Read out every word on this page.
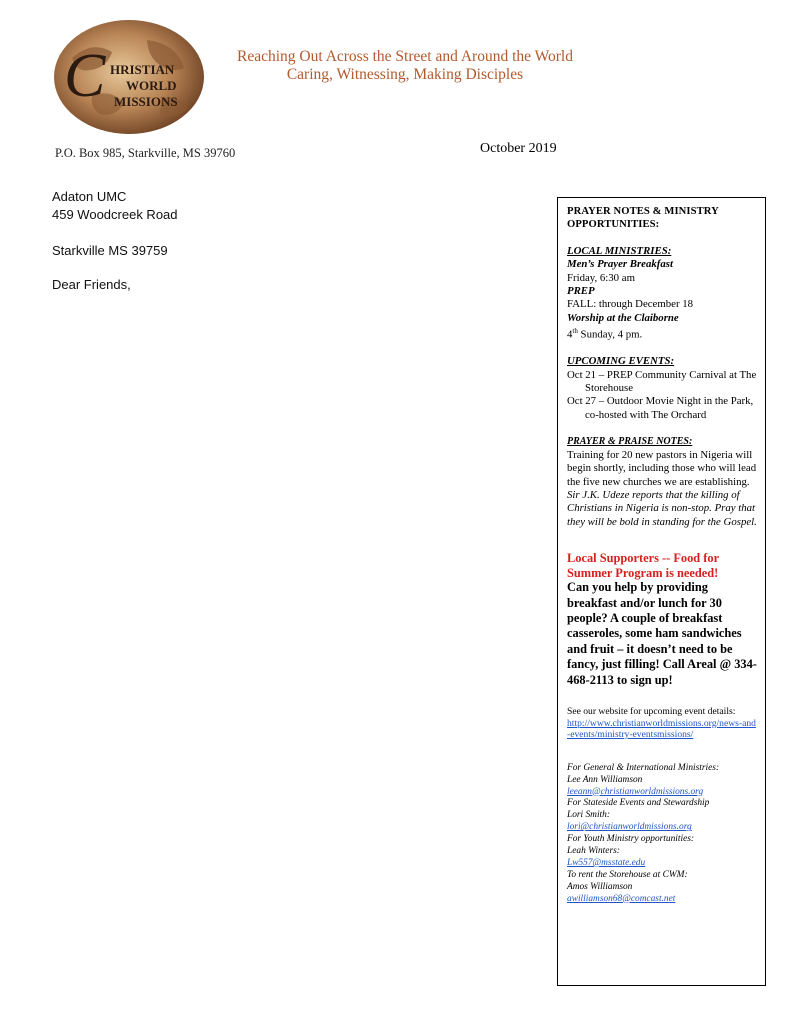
C HRISTIAN
WORLD
MISSIONS
Reaching Out Across the Street and Around the World
Caring, Witnessing, Making Disciples
P.O. Box 985, Starkville, MS 39760	October 2019
Adaton UMC
459 Woodcreek Road
Starkville MS 39759
Dear Friends,

PRAYER NOTES & MINISTRY OPPORTUNITIES:

LOCAL MINISTRIES:

Men’s Prayer Breakfast

Friday, 6:30 am

PREP

FALL: through December 18

Worship at the Claiborne

4th Sunday, 4 pm.

UPCOMING EVENTS:

Oct 21 – PREP Community Carnival at The Storehouse

Oct 27 – Outdoor Movie Night in the Park, co-hosted with The Orchard

PRAYER & PRAISE NOTES:

Training for 20 new pastors in Nigeria will begin shortly, including those who will lead the five new churches we are establishing.

Sir J.K. Udeze reports that the killing of Christians in Nigeria is non-stop. Pray that they will be bold in standing for the Gospel.

Local Supporters -- Food for Summer Program is needed!

Can you help by providing breakfast and/or lunch for 30 people? A couple of breakfast casseroles, some ham sandwiches and fruit – it doesn’t need to be fancy, just filling! Call Areal @ 334-468-2113 to sign up!

See our website for upcoming event details:

http://www.christianworldmissions.org/news-and-events/ministry-eventsmissions/

For General & International Ministries:

Lee Ann Williamson

leeann@christianworldmissions.org

For Stateside Events and Stewardship

Lori Smith:

lori@christianworldmissions.org

For Youth Ministry opportunities:

Leah Winters:

Lw557@msstate.edu

To rent the Storehouse at CWM:

Amos Williamson

awilliamson68@comcast.net
